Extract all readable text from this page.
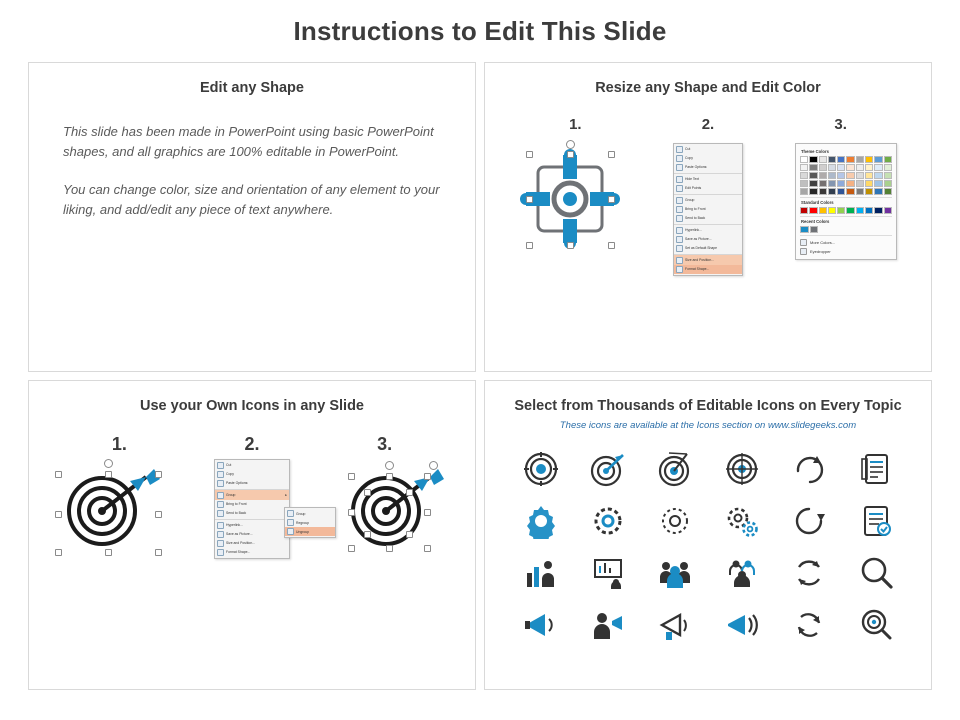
Instructions to Edit This Slide
Edit any Shape

This slide has been made in PowerPoint using basic PowerPoint shapes, and all graphics are 100% editable in PowerPoint.

You can change color, size and orientation of any element to your liking, and add/edit any piece of text anywhere.

Resize any Shape and Edit Color
1.	2.	3.
Cut
Copy
Paste Options:
Hide Text
Edit Points
Group
Bring to Front
Send to Back
Hyperlink...
Save as Picture...
Set as Default Shape
Size and Position...
Format Shape...
Theme Colors
Standard Colors
Recent Colors
More Colors...
Eyedropper
Use your Own Icons in any Slide
1.	2.	3.
Cut
Copy
Paste Options:
Group	▸
Bring to Front
Send to Back
Hyperlink...
Save as Picture...
Size and Position...
Format Shape...
Group
Regroup
Ungroup
Select from Thousands of Editable Icons on Every Topic
These icons are available at the Icons section on www.slidegeeks.com
